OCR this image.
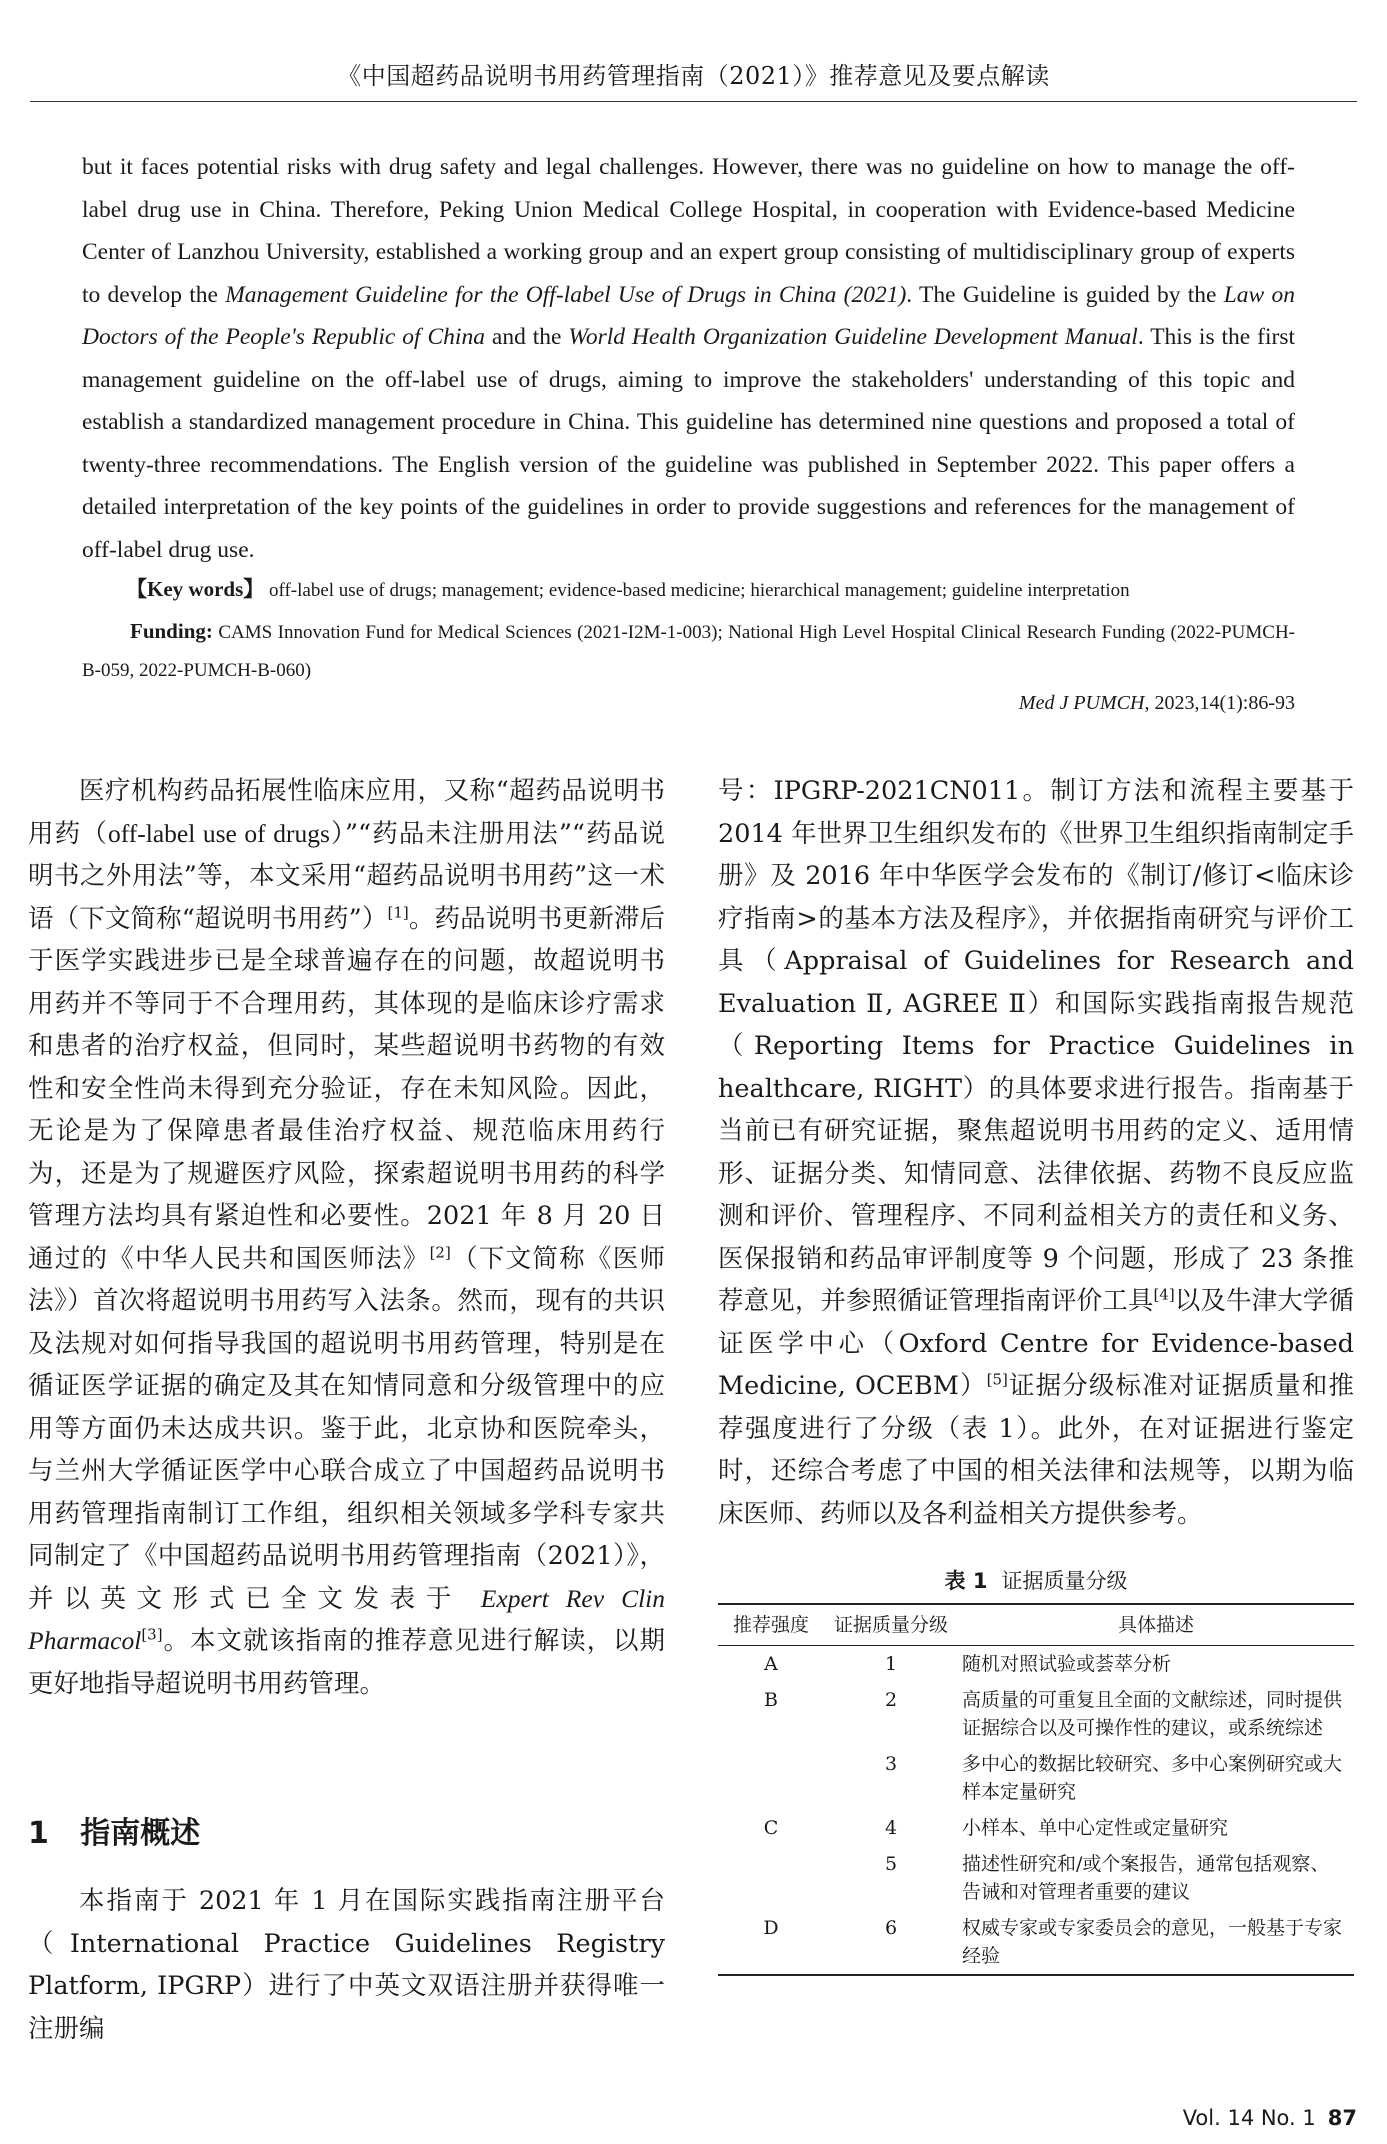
《中国超药品说明书用药管理指南（2021）》推荐意见及要点解读

but it faces potential risks with drug safety and legal challenges. However, there was no guideline on how to manage the off-label drug use in China. Therefore, Peking Union Medical College Hospital, in cooperation with Evidence-based Medicine Center of Lanzhou University, established a working group and an expert group consisting of multidisciplinary group of experts to develop the Management Guideline for the Off-label Use of Drugs in China (2021). The Guideline is guided by the Law on Doctors of the People's Republic of China and the World Health Organization Guideline Development Manual. This is the first management guideline on the off-label use of drugs, aiming to improve the stakeholders' understanding of this topic and establish a standardized management procedure in China. This guideline has determined nine questions and proposed a total of twenty-three recommendations. The English version of the guideline was published in September 2022. This paper offers a detailed interpretation of the key points of the guidelines in order to provide suggestions and references for the management of off-label drug use.

【Key words】 off-label use of drugs; management; evidence-based medicine; hierarchical management; guideline interpretation
Funding: CAMS Innovation Fund for Medical Sciences (2021-I2M-1-003); National High Level Hospital Clinical Research Funding (2022-PUMCH-B-059, 2022-PUMCH-B-060)
Med J PUMCH, 2023,14(1):86-93

医疗机构药品拓展性临床应用，又称“超药品说明书用药（off-label use of drugs）”“药品未注册用法”“药品说明书之外用法”等，本文采用“超药品说明书用药”这一术语（下文简称“超说明书用药”）[1]。药品说明书更新滞后于医学实践进步已是全球普遍存在的问题，故超说明书用药并不等同于不合理用药，其体现的是临床诊疗需求和患者的治疗权益，但同时，某些超说明书药物的有效性和安全性尚未得到充分验证，存在未知风险。因此，无论是为了保障患者最佳治疗权益、规范临床用药行为，还是为了规避医疗风险，探索超说明书用药的科学管理方法均具有紧迫性和必要性。2021 年 8 月 20 日通过的《中华人民共和国医师法》[2]（下文简称《医师法》）首次将超说明书用药写入法条。然而，现有的共识及法规对如何指导我国的超说明书用药管理，特别是在循证医学证据的确定及其在知情同意和分级管理中的应用等方面仍未达成共识。鉴于此，北京协和医院牵头，与兰州大学循证医学中心联合成立了中国超药品说明书用药管理指南制订工作组，组织相关领域多学科专家共同制定了《中国超药品说明书用药管理指南（2021）》，并以英文形式已全文发表于 Expert Rev Clin Pharmacol[3]。本文就该指南的推荐意见进行解读，以期更好地指导超说明书用药管理。

1 指南概述

本指南于 2021 年 1 月在国际实践指南注册平台（International Practice Guidelines Registry Platform, IPGRP）进行了中英文双语注册并获得唯一注册编

号：IPGRP-2021CN011。制订方法和流程主要基于 2014 年世界卫生组织发布的《世界卫生组织指南制定手册》及 2016 年中华医学会发布的《制订/修订<临床诊疗指南>的基本方法及程序》，并依据指南研究与评价工具（Appraisal of Guidelines for Research and Evaluation Ⅱ, AGREE Ⅱ）和国际实践指南报告规范（Reporting Items for Practice Guidelines in healthcare, RIGHT）的具体要求进行报告。指南基于当前已有研究证据，聚焦超说明书用药的定义、适用情形、证据分类、知情同意、法律依据、药物不良反应监测和评价、管理程序、不同利益相关方的责任和义务、医保报销和药品审评制度等 9 个问题，形成了 23 条推荐意见，并参照循证管理指南评价工具[4]以及牛津大学循证医学中心（Oxford Centre for Evidence-based Medicine, OCEBM）[5]证据分级标准对证据质量和推荐强度进行了分级（表 1）。此外，在对证据进行鉴定时，还综合考虑了中国的相关法律和法规等，以期为临床医师、药师以及各利益相关方提供参考。

表 1 证据质量分级
推荐强度	证据质量分级	具体描述
A	1	随机对照试验或荟萃分析
B	2	高质量的可重复且全面的文献综述，同时提供证据综合以及可操作性的建议，或系统综述
	3	多中心的数据比较研究、多中心案例研究或大样本定量研究
C	4	小样本、单中心定性或定量研究
	5	描述性研究和/或个案报告，通常包括观察、告诫和对管理者重要的建议
D	6	权威专家或专家委员会的意见，一般基于专家经验
Vol. 14 No. 1 87
